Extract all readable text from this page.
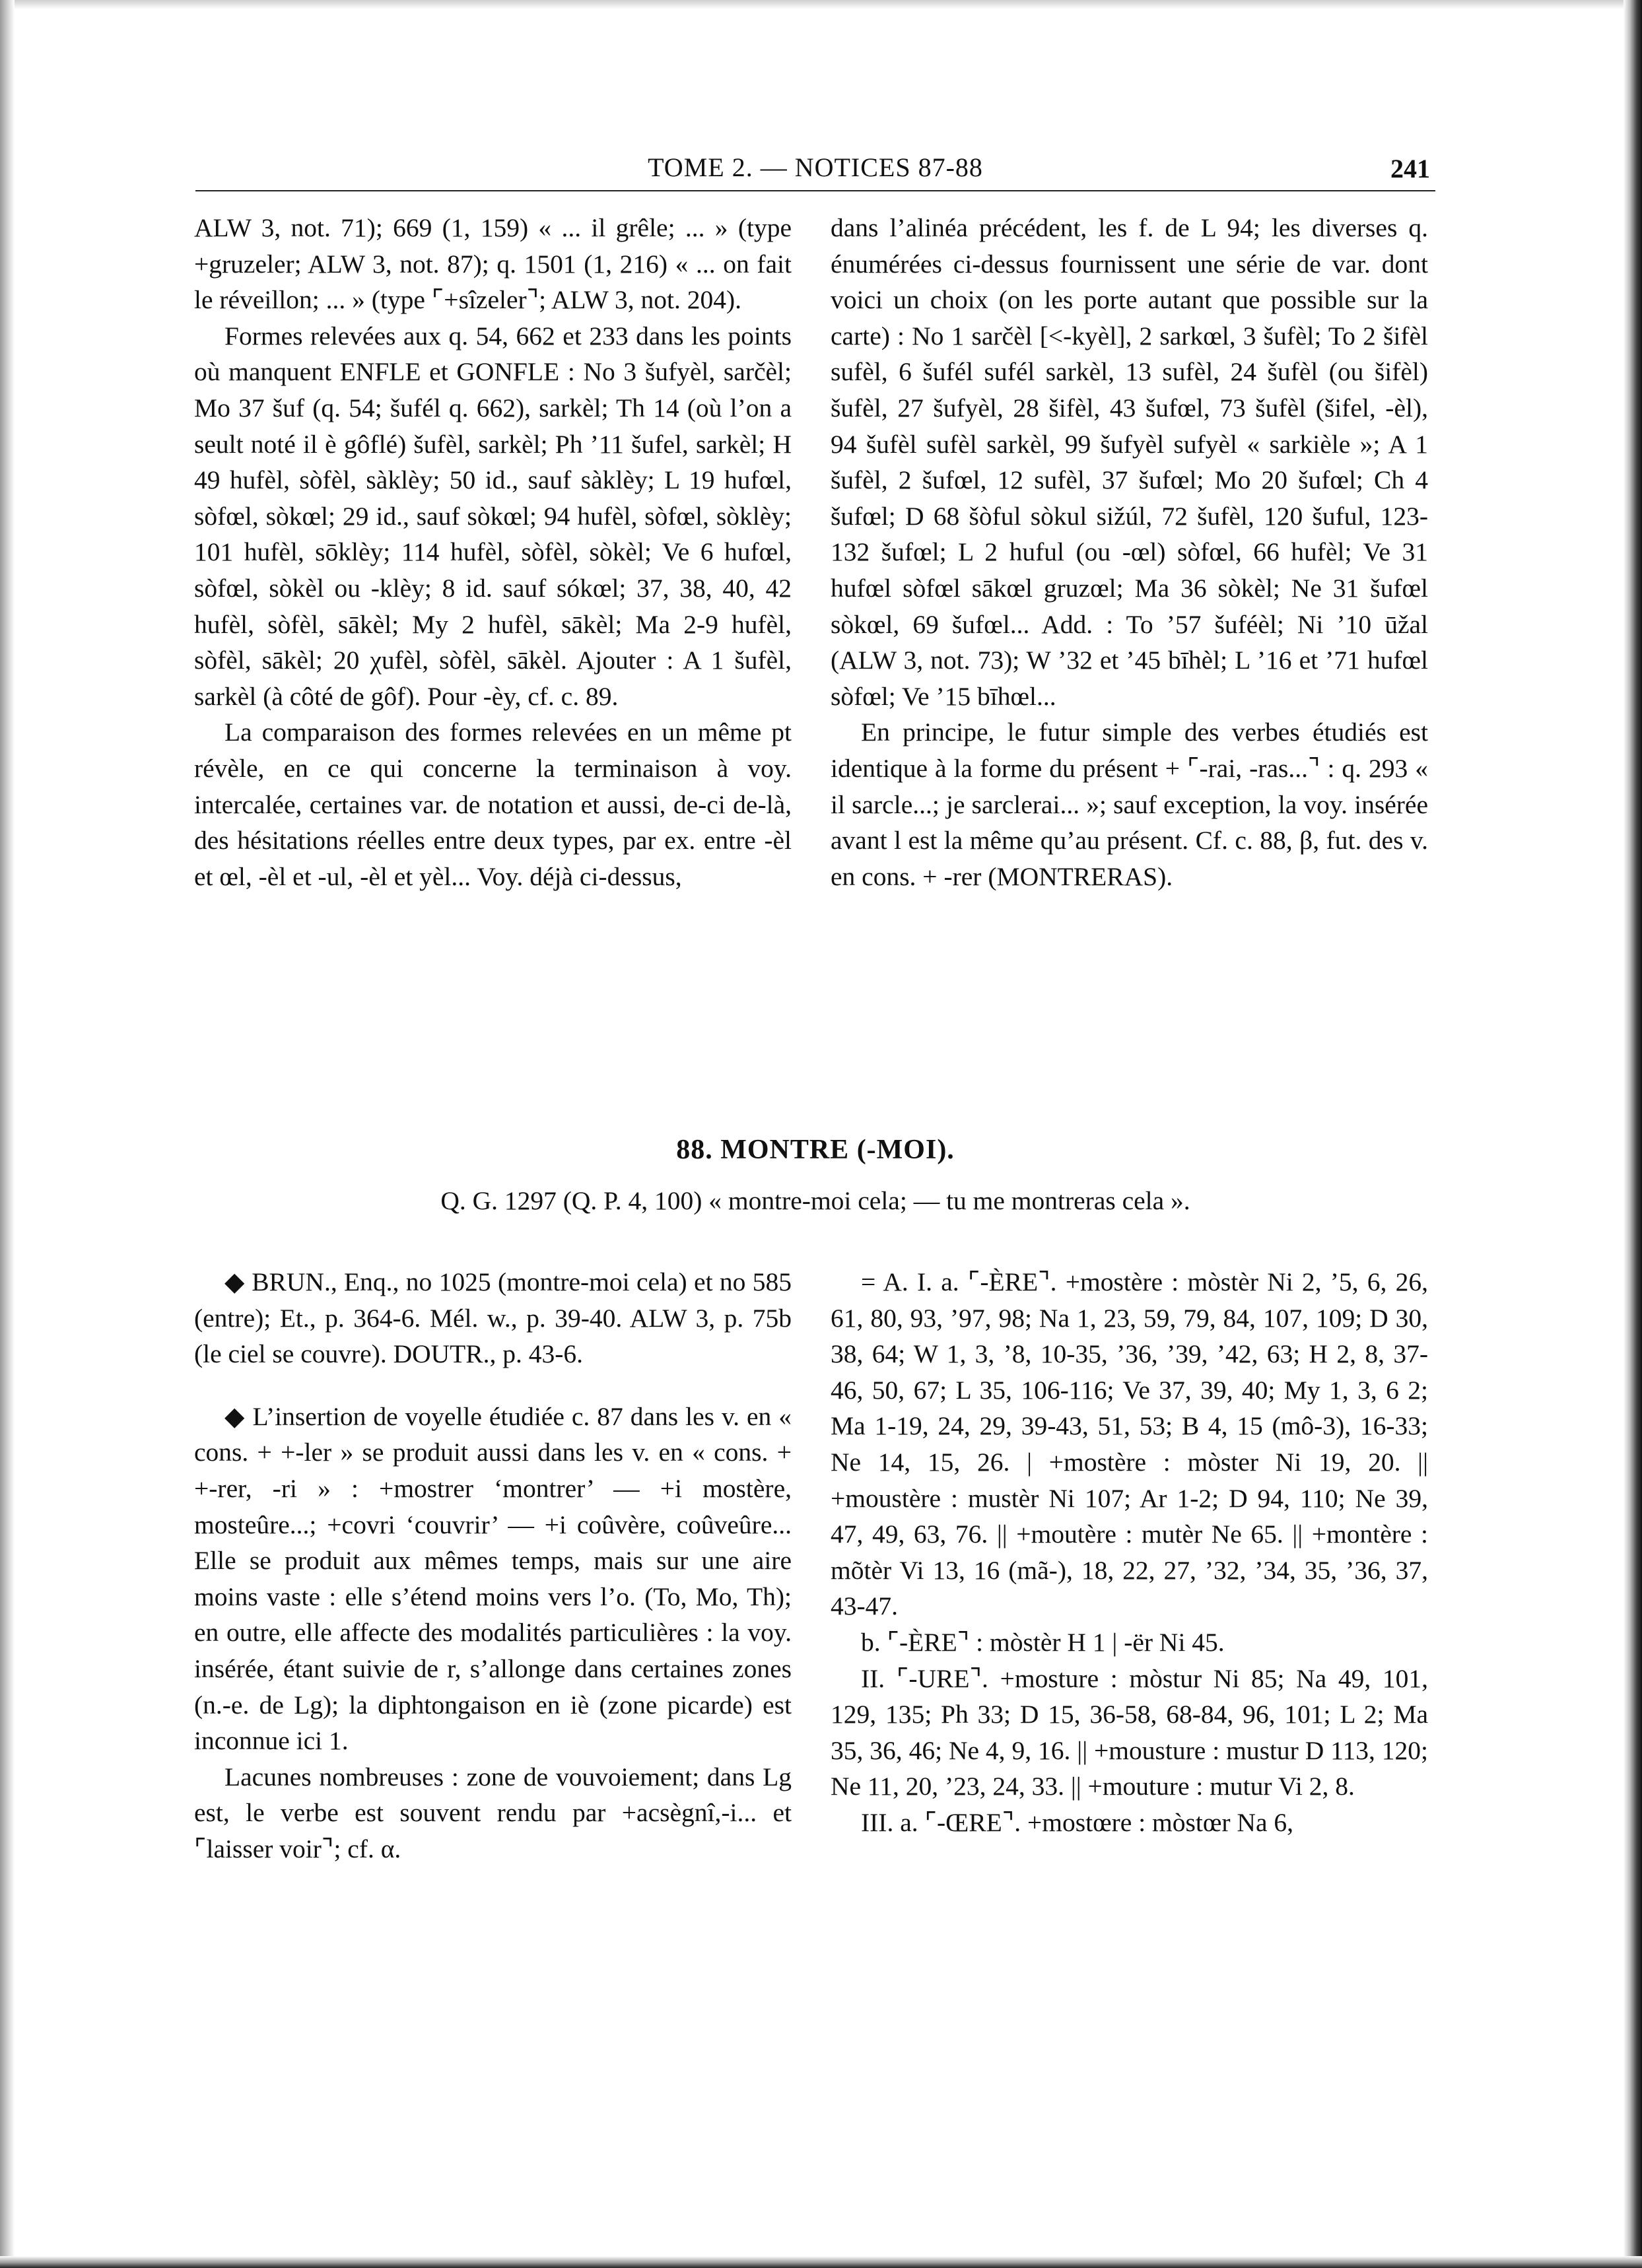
TOME 2. — NOTICES 87-88	241

ALW 3, not. 71); 669 (1, 159) « ... il grêle; ... » (type +gruzeler; ALW 3, not. 87); q. 1501 (1, 216) « ... on fait le réveillon; ... » (type ⌜+sîzeler⌝; ALW 3, not. 204).

Formes relevées aux q. 54, 662 et 233 dans les points où manquent ENFLE et GONFLE : No 3 šufyèl, sarčèl; Mo 37 šuf (q. 54; šufél q. 662), sarkèl; Th 14 (où l’on a seult noté il è gôflé) šufèl, sarkèl; Ph ’11 šufel, sarkèl; H 49 hufèl, sòfèl, sàklèy; 50 id., sauf sàklèy; L 19 hufœl, sòfœl, sòkœl; 29 id., sauf sòkœl; 94 hufèl, sòfœl, sòklèy; 101 hufèl, sōklèy; 114 hufèl, sòfèl, sòkèl; Ve 6 hufœl, sòfœl, sòkèl ou -klèy; 8 id. sauf sókœl; 37, 38, 40, 42 hufèl, sòfèl, sākèl; My 2 hufèl, sākèl; Ma 2-9 hufèl, sòfèl, sākèl; 20 χufèl, sòfèl, sākèl. Ajouter : A 1 šufèl, sarkèl (à côté de gôf). Pour -èy, cf. c. 89.

La comparaison des formes relevées en un même pt révèle, en ce qui concerne la terminaison à voy. intercalée, certaines var. de notation et aussi, de-ci de-là, des hésitations réelles entre deux types, par ex. entre -èl et œl, -èl et -ul, -èl et yèl... Voy. déjà ci-dessus,

dans l’alinéa précédent, les f. de L 94; les diverses q. énumérées ci-dessus fournissent une série de var. dont voici un choix (on les porte autant que possible sur la carte) : No 1 sarčèl [<-kyèl], 2 sarkœl, 3 šufèl; To 2 šifèl sufèl, 6 šufél sufél sarkèl, 13 sufèl, 24 šufèl (ou šifèl) šufèl, 27 šufyèl, 28 šifèl, 43 šufœl, 73 šufèl (šifel, -èl), 94 šufèl sufèl sarkèl, 99 šufyèl sufyèl « sarkièle »; A 1 šufèl, 2 šufœl, 12 sufèl, 37 šufœl; Mo 20 šufœl; Ch 4 šufœl; D 68 šòful sòkul sižúl, 72 šufèl, 120 šuful, 123-132 šufœl; L 2 huful (ou -œl) sòfœl, 66 hufèl; Ve 31 hufœl sòfœl sākœl gruzœl; Ma 36 sòkèl; Ne 31 šufœl sòkœl, 69 šufœl... Add. : To ’57 šuféèl; Ni ’10 ūžal (ALW 3, not. 73); W ’32 et ’45 bīhèl; L ’16 et ’71 hufœl sòfœl; Ve ’15 bīhœl...

En principe, le futur simple des verbes étudiés est identique à la forme du présent + ⌜-rai, -ras...⌝ : q. 293 « il sarcle...; je sarclerai... »; sauf exception, la voy. insérée avant l est la même qu’au présent. Cf. c. 88, β, fut. des v. en cons. + -rer (MONTRERAS).

88. MONTRE (-MOI).
Q. G. 1297 (Q. P. 4, 100) « montre-moi cela; — tu me montreras cela ».

◆ BRUN., Enq., no 1025 (montre-moi cela) et no 585 (entre); Et., p. 364-6. Mél. w., p. 39-40. ALW 3, p. 75b (le ciel se couvre). DOUTR., p. 43-6.

◆ L’insertion de voyelle étudiée c. 87 dans les v. en « cons. + +-ler » se produit aussi dans les v. en « cons. + +-rer, -ri » : +mostrer ‘montrer’ — +i mostère, mosteûre...; +covri ‘couvrir’ — +i coûvère, coûveûre... Elle se produit aux mêmes temps, mais sur une aire moins vaste : elle s’étend moins vers l’o. (To, Mo, Th); en outre, elle affecte des modalités particulières : la voy. insérée, étant suivie de r, s’allonge dans certaines zones (n.-e. de Lg); la diphtongaison en iè (zone picarde) est inconnue ici 1.

Lacunes nombreuses : zone de vouvoiement; dans Lg est, le verbe est souvent rendu par +acsègnî,-i... et ⌜laisser voir⌝; cf. α.

= A. I. a. ⌜-ÈRE⌝. +mostère : mòstèr Ni 2, ’5, 6, 26, 61, 80, 93, ’97, 98; Na 1, 23, 59, 79, 84, 107, 109; D 30, 38, 64; W 1, 3, ’8, 10-35, ’36, ’39, ’42, 63; H 2, 8, 37-46, 50, 67; L 35, 106-116; Ve 37, 39, 40; My 1, 3, 6 2; Ma 1-19, 24, 29, 39-43, 51, 53; B 4, 15 (mô-3), 16-33; Ne 14, 15, 26. | +mostère : mòster Ni 19, 20. || +moustère : mustèr Ni 107; Ar 1-2; D 94, 110; Ne 39, 47, 49, 63, 76. || +moutère : mutèr Ne 65. || +montère : mõtèr Vi 13, 16 (mã-), 18, 22, 27, ’32, ’34, 35, ’36, 37, 43-47.

b. ⌜-ÈRE⌝ : mòstèr H 1 | -ër Ni 45.

II. ⌜-URE⌝. +mosture : mòstur Ni 85; Na 49, 101, 129, 135; Ph 33; D 15, 36-58, 68-84, 96, 101; L 2; Ma 35, 36, 46; Ne 4, 9, 16. || +mousture : mustur D 113, 120; Ne 11, 20, ’23, 24, 33. || +mouture : mutur Vi 2, 8.

III. a. ⌜-ŒRE⌝. +mostœre : mòstœr Na 6,
